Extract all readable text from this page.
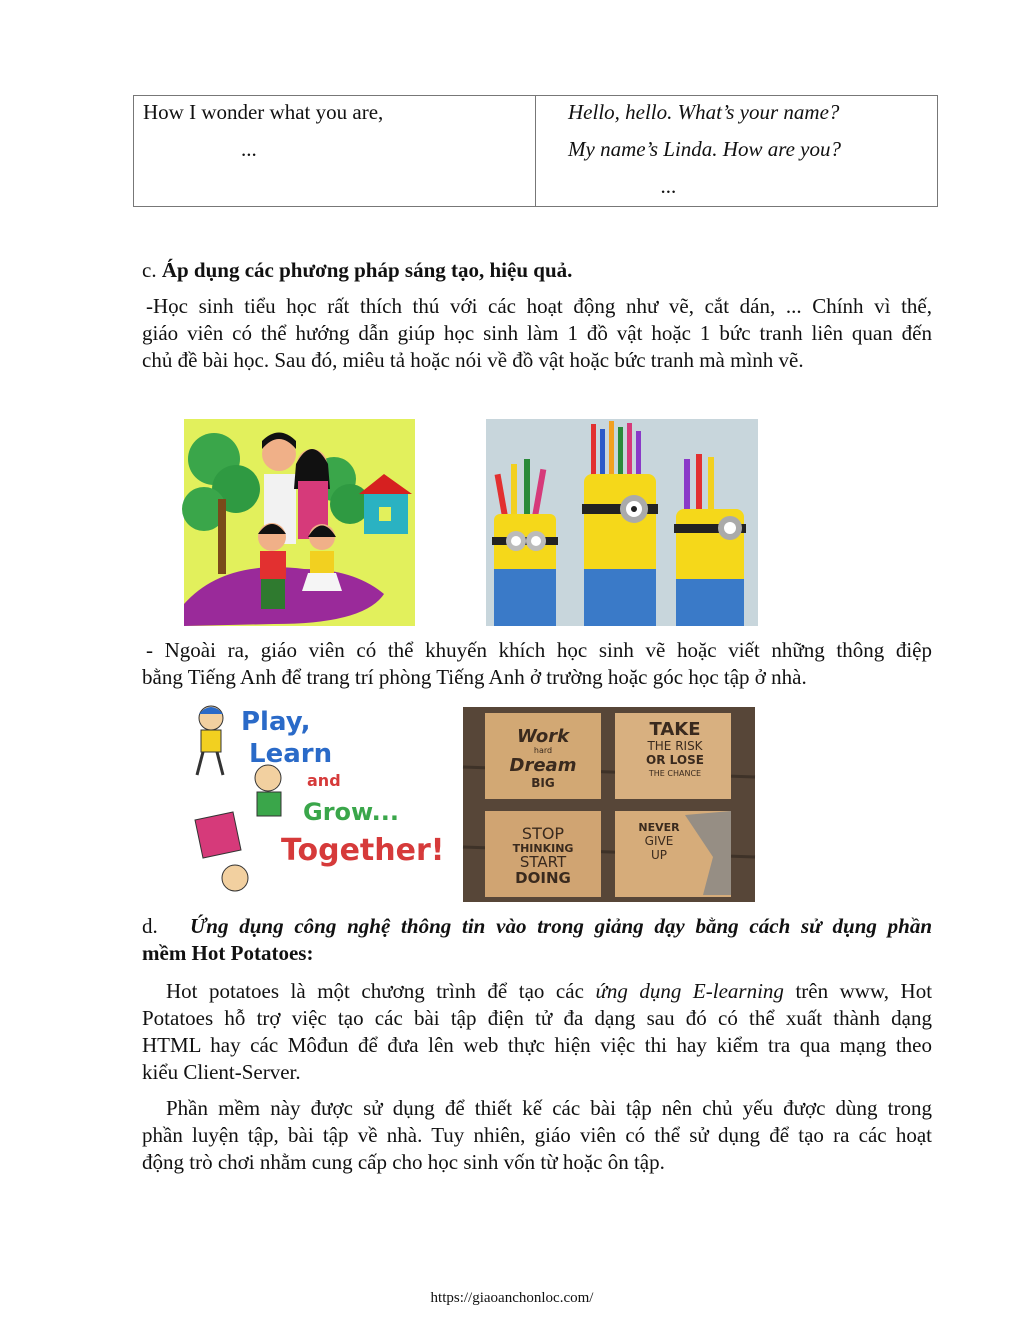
How I wonder what you are,
...
Hello, hello. What’s your name?
My name’s Linda. How are you?
...
c. Áp dụng các phương pháp sáng tạo, hiệu quả.
-Học sinh tiểu học rất thích thú với các hoạt động như vẽ, cắt dán, ... Chính vì thế,
giáo viên có thể hướng dẫn giúp học sinh làm 1 đồ vật hoặc 1 bức tranh liên quan đến
chủ đề bài học. Sau đó, miêu tả hoặc nói về đồ vật hoặc bức tranh mà mình vẽ.
- Ngoài ra, giáo viên có thể khuyến khích học sinh vẽ hoặc viết những thông điệp
bằng Tiếng Anh để trang trí phòng Tiếng Anh ở trường hoặc góc học tập ở nhà.
Play,
Learn
and
Grow...
Together!
Work
hard
Dream
BIG
TAKE
THE RISK
OR LOSE
THE CHANCE
STOP
THINKING
START
DOING
NEVER
GIVE
UP
d. Ứng dụng công nghệ thông tin vào trong giảng dạy bằng cách sử dụng phần
mềm Hot Potatoes:
Hot potatoes là một chương trình để tạo các ứng dụng E-learning trên www, Hot
Potatoes hỗ trợ việc tạo các bài tập điện tử đa dạng sau đó có thể xuất thành dạng
HTML hay các Môđun để đưa lên web thực hiện việc thi hay kiểm tra qua mạng theo
kiểu Client-Server.
Phần mềm này được sử dụng để thiết kế các bài tập nên chủ yếu được dùng trong
phần luyện tập, bài tập về nhà. Tuy nhiên, giáo viên có thể sử dụng để tạo ra các hoạt
động trò chơi nhằm cung cấp cho học sinh vốn từ hoặc ôn tập.
https://giaoanchonloc.com/
